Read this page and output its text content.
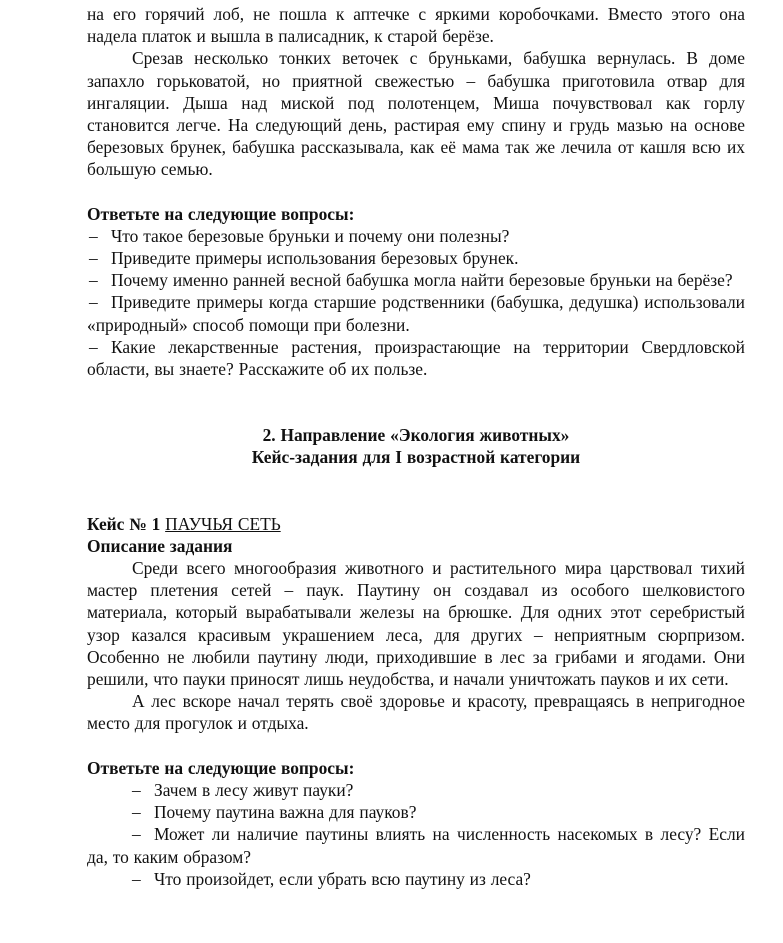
на его горячий лоб, не пошла к аптечке с яркими коробочками. Вместо этого она надела платок и вышла в палисадник, к старой берёзе.

Срезав несколько тонких веточек с бруньками, бабушка вернулась. В доме запахло горьковатой, но приятной свежестью – бабушка приготовила отвар для ингаляции. Дыша над миской под полотенцем, Миша почувствовал как горлу становится легче. На следующий день, растирая ему спину и грудь мазью на основе березовых брунек, бабушка рассказывала, как её мама так же лечила от кашля всю их большую семью.

Ответьте на следующие вопросы:

– Что такое березовые бруньки и почему они полезны?

– Приведите примеры использования березовых брунек.

– Почему именно ранней весной бабушка могла найти березовые бруньки на берёзе?

– Приведите примеры когда старшие родственники (бабушка, дедушка) использовали «природный» способ помощи при болезни.

– Какие лекарственные растения, произрастающие на территории Свердловской области, вы знаете? Расскажите об их пользе.

2. Направление «Экология животных»

Кейс-задания для I возрастной категории

Кейс № 1 ПАУЧЬЯ СЕТЬ

Описание задания

Среди всего многообразия животного и растительного мира царствовал тихий мастер плетения сетей – паук. Паутину он создавал из особого шелковистого материала, который вырабатывали железы на брюшке. Для одних этот серебристый узор казался красивым украшением леса, для других – неприятным сюрпризом. Особенно не любили паутину люди, приходившие в лес за грибами и ягодами. Они решили, что пауки приносят лишь неудобства, и начали уничтожать пауков и их сети.

А лес вскоре начал терять своё здоровье и красоту, превращаясь в непригодное место для прогулок и отдыха.

Ответьте на следующие вопросы:

– Зачем в лесу живут пауки?

– Почему паутина важна для пауков?

– Может ли наличие паутины влиять на численность насекомых в лесу? Если да, то каким образом?

– Что произойдет, если убрать всю паутину из леса?
